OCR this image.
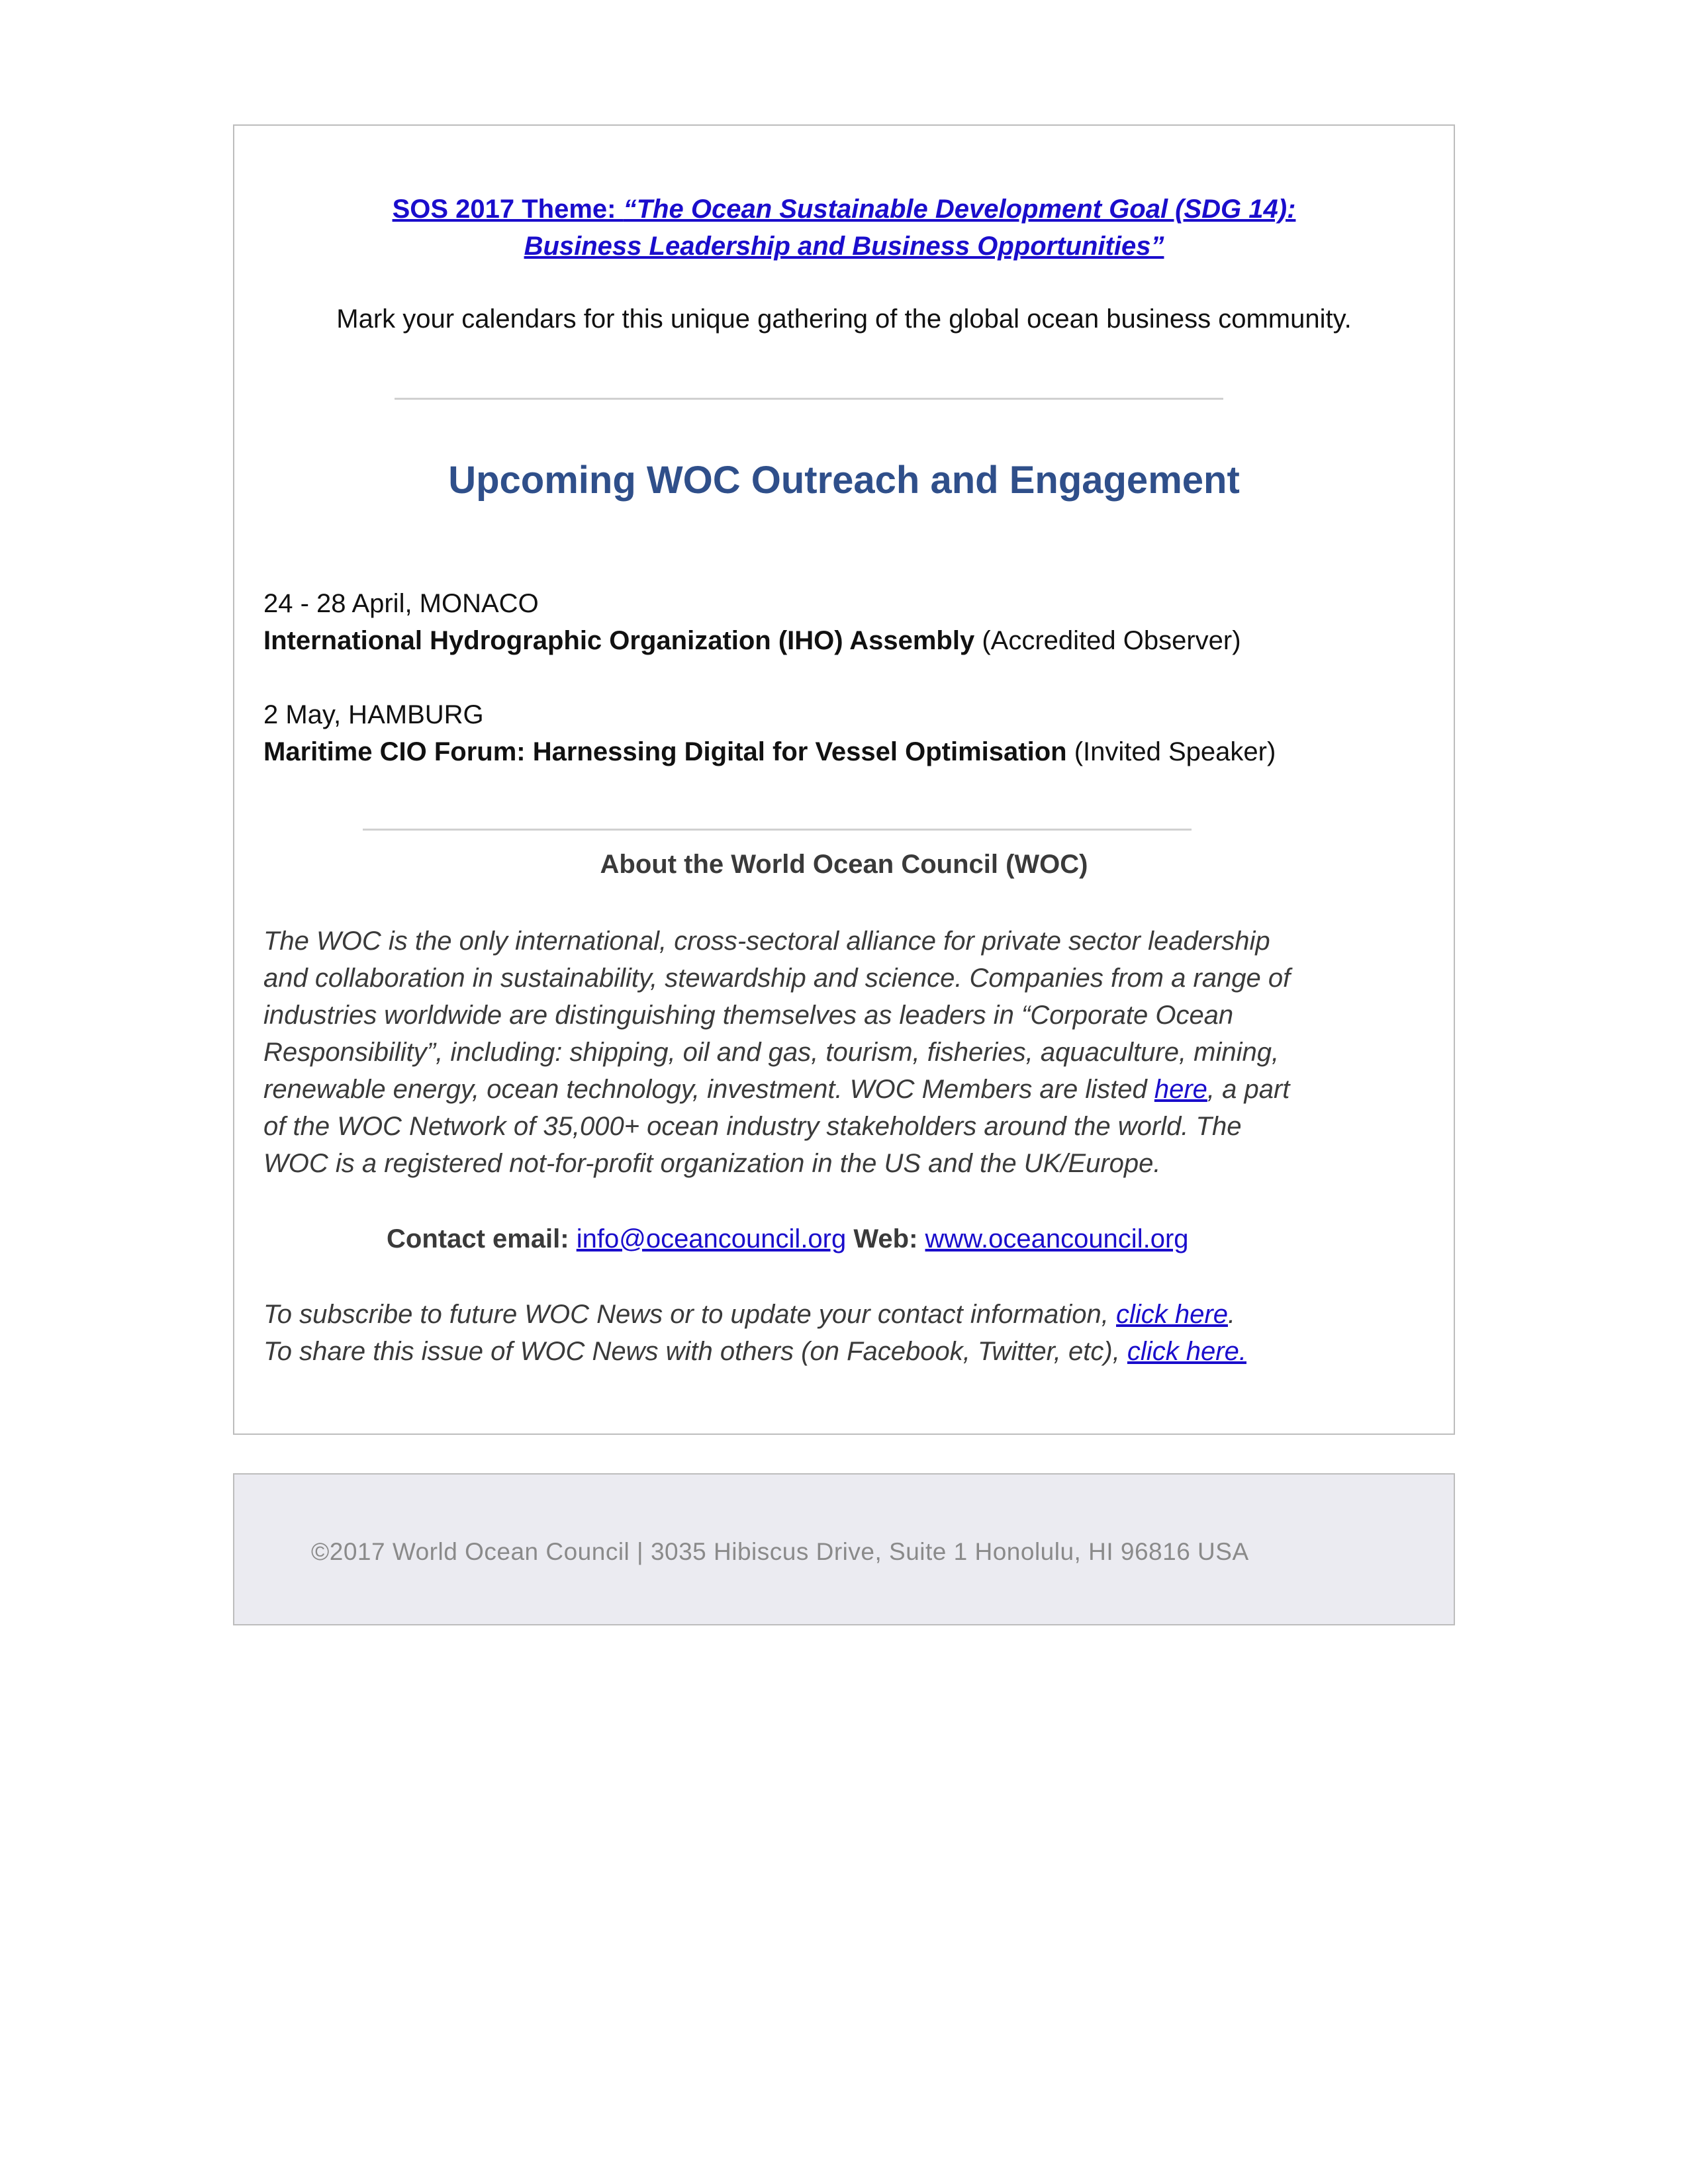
SOS 2017 Theme: “The Ocean Sustainable Development Goal (SDG 14):
Business Leadership and Business Opportunities”
Mark your calendars for this unique gathering of the global ocean business community.
Upcoming WOC Outreach and Engagement
24 - 28 April, MONACO
International Hydrographic Organization (IHO) Assembly (Accredited Observer)
2 May, HAMBURG
Maritime CIO Forum: Harnessing Digital for Vessel Optimisation (Invited Speaker)
About the World Ocean Council (WOC)
The WOC is the only international, cross-sectoral alliance for private sector leadership
and collaboration in sustainability, stewardship and science. Companies from a range of
industries worldwide are distinguishing themselves as leaders in “Corporate Ocean
Responsibility”, including: shipping, oil and gas, tourism, fisheries, aquaculture, mining,
renewable energy, ocean technology, investment. WOC Members are listed here, a part
of the WOC Network of 35,000+ ocean industry stakeholders around the world. The
WOC is a registered not-for-profit organization in the US and the UK/Europe.
Contact email: info@oceancouncil.org Web: www.oceancouncil.org
To subscribe to future WOC News or to update your contact information, click here.
To share this issue of WOC News with others (on Facebook, Twitter, etc), click here.
©2017 World Ocean Council | 3035 Hibiscus Drive, Suite 1 Honolulu, HI 96816 USA
